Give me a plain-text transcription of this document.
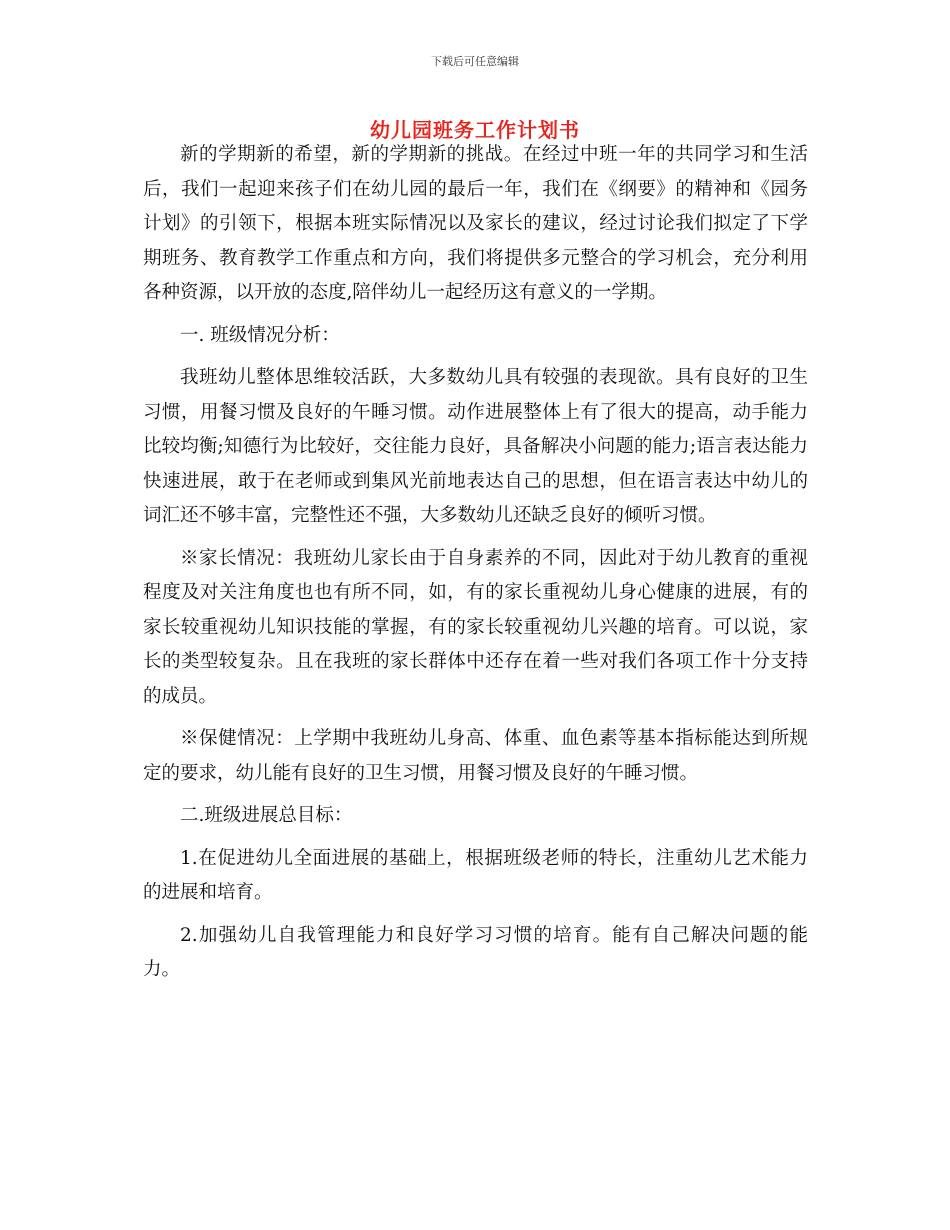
下载后可任意编辑
幼儿园班务工作计划书

新的学期新的希望，新的学期新的挑战。在经过中班一年的共同学习和生活后，我们一起迎来孩子们在幼儿园的最后一年，我们在《纲要》的精神和《园务计划》的引领下，根据本班实际情况以及家长的建议，经过讨论我们拟定了下学期班务、教育教学工作重点和方向，我们将提供多元整合的学习机会，充分利用各种资源，以开放的态度,陪伴幼儿一起经历这有意义的一学期。

一. 班级情况分析：

我班幼儿整体思维较活跃，大多数幼儿具有较强的表现欲。具有良好的卫生习惯，用餐习惯及良好的午睡习惯。动作进展整体上有了很大的提高，动手能力比较均衡;知德行为比较好，交往能力良好，具备解决小问题的能力;语言表达能力快速进展，敢于在老师或到集风光前地表达自己的思想，但在语言表达中幼儿的词汇还不够丰富，完整性还不强，大多数幼儿还缺乏良好的倾听习惯。

※家长情况：我班幼儿家长由于自身素养的不同，因此对于幼儿教育的重视程度及对关注角度也也有所不同，如，有的家长重视幼儿身心健康的进展，有的家长较重视幼儿知识技能的掌握，有的家长较重视幼儿兴趣的培育。可以说，家长的类型较复杂。且在我班的家长群体中还存在着一些对我们各项工作十分支持的成员。

※保健情况：上学期中我班幼儿身高、体重、血色素等基本指标能达到所规定的要求，幼儿能有良好的卫生习惯，用餐习惯及良好的午睡习惯。

二.班级进展总目标：

1.在促进幼儿全面进展的基础上，根据班级老师的特长，注重幼儿艺术能力的进展和培育。

2.加强幼儿自我管理能力和良好学习习惯的培育。能有自己解决问题的能力。
